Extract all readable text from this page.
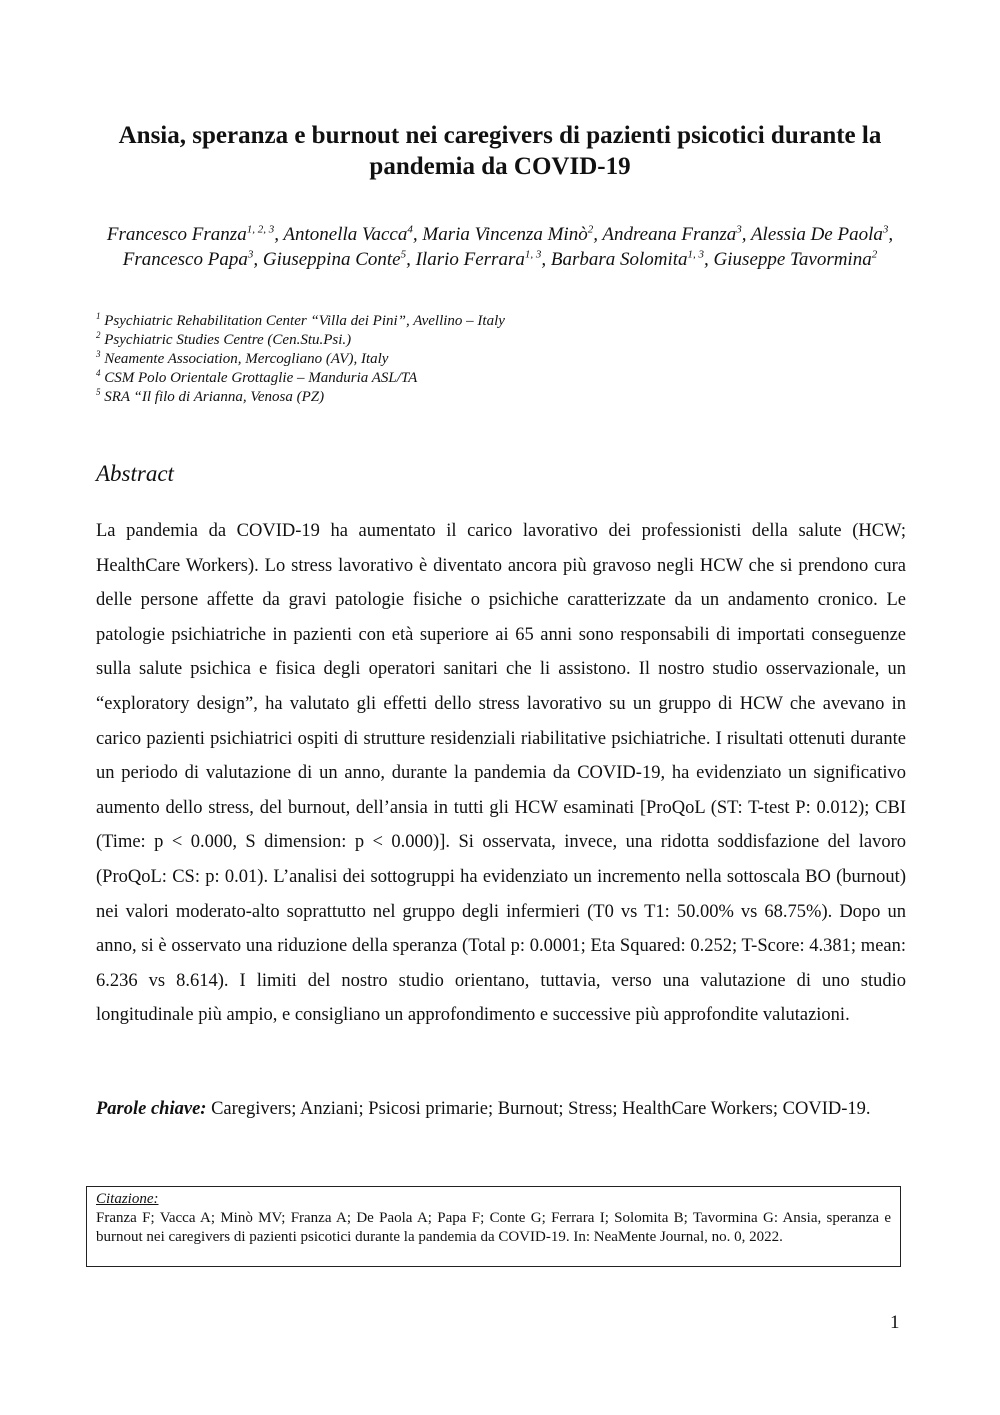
Ansia, speranza e burnout nei caregivers di pazienti psicotici durante la pandemia da COVID-19
Francesco Franza$^{1, 2, 3}$, Antonella Vacca$^4$, Maria Vincenza Minò$^2$, Andreana Franza$^3$, Alessia De Paola$^3$, Francesco Papa$^3$, Giuseppina Conte$^5$, Ilario Ferrara$^{1, 3}$, Barbara Solomita$^{1, 3}$, Giuseppe Tavormina$^2$
$^1$ Psychiatric Rehabilitation Center “Villa dei Pini”, Avellino – Italy
$^2$ Psychiatric Studies Centre (Cen.Stu.Psi.)
$^3$ Neamente Association, Mercogliano (AV), Italy
$^4$ CSM Polo Orientale Grottaglie – Manduria ASL/TA
$^5$ SRA “Il filo di Arianna, Venosa (PZ)
Abstract

La pandemia da COVID-19 ha aumentato il carico lavorativo dei professionisti della salute (HCW; HealthCare Workers). Lo stress lavorativo è diventato ancora più gravoso negli HCW che si prendono cura delle persone affette da gravi patologie fisiche o psichiche caratterizzate da un andamento cronico. Le patologie psichiatriche in pazienti con età superiore ai 65 anni sono responsabili di importati conseguenze sulla salute psichica e fisica degli operatori sanitari che li assistono. Il nostro studio osservazionale, un “exploratory design”, ha valutato gli effetti dello stress lavorativo su un gruppo di HCW che avevano in carico pazienti psichiatrici ospiti di strutture residenziali riabilitative psichiatriche. I risultati ottenuti durante un periodo di valutazione di un anno, durante la pandemia da COVID-19, ha evidenziato un significativo aumento dello stress, del burnout, dell’ansia in tutti gli HCW esaminati [ProQoL (ST: T-test P: 0.012); CBI (Time: p < 0.000, S dimension: p < 0.000)]. Si osservata, invece, una ridotta soddisfazione del lavoro (ProQoL: CS: p: 0.01). L’analisi dei sottogruppi ha evidenziato un incremento nella sottoscala BO (burnout) nei valori moderato-alto soprattutto nel gruppo degli infermieri (T0 vs T1: 50.00% vs 68.75%). Dopo un anno, si è osservato una riduzione della speranza (Total p: 0.0001; Eta Squared: 0.252; T-Score: 4.381; mean: 6.236 vs 8.614). I limiti del nostro studio orientano, tuttavia, verso una valutazione di uno studio longitudinale più ampio, e consigliano un approfondimento e successive più approfondite valutazioni.

Parole chiave: Caregivers; Anziani; Psicosi primarie; Burnout; Stress; HealthCare Workers; COVID-19.

Citazione:
Franza F; Vacca A; Minò MV; Franza A; De Paola A; Papa F; Conte G; Ferrara I; Solomita B; Tavormina G: Ansia, speranza e burnout nei caregivers di pazienti psicotici durante la pandemia da COVID-19. In: NeaMente Journal, no. 0, 2022.
1
